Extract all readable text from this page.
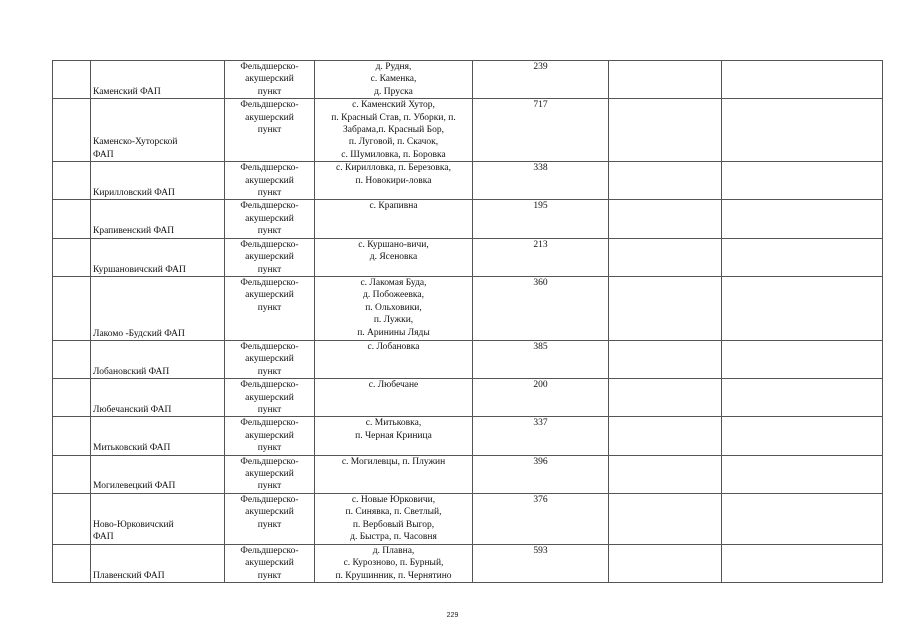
	Каменский ФАП	Фельдшерско-
акушерский
пункт	д. Рудня,
с. Каменка,
д. Пруска	239		

	Каменско-Хуторской
ФАП	Фельдшерско-
акушерский
пункт	с. Каменский Хутор,
п. Красный Став, п. Уборки, п.
Забрама,п. Красный Бор,
п. Луговой, п. Скачок,
с. Шумиловка, п. Боровка	717		
	Кирилловский ФАП	Фельдшерско-
акушерский
пункт	с. Кирилловка, п. Березовка,
п. Новокири-ловка	338		
	Крапивенский ФАП	Фельдшерско-
акушерский
пункт	с. Крапивна	195		
	Куршановичский ФАП	Фельдшерско-
акушерский
пункт	с. Куршано-вичи,
д. Ясеновка	213		
	Лакомо -Будский ФАП	Фельдшерско-
акушерский
пункт	с. Лакомая Буда,
д. Побожеевка,
п. Ольховики,
п. Лужки,
п. Аринины Ляды	360		
	Лобановский ФАП	Фельдшерско-
акушерский
пункт	с. Лобановка	385		
	Любечанский ФАП	Фельдшерско-
акушерский
пункт	с. Любечане	200		
	Митьковский ФАП	Фельдшерско-
акушерский
пункт	с. Митьковка,
п. Черная Криница	337		
	Могилевецкий ФАП	Фельдшерско-
акушерский
пункт	с. Могилевцы, п. Плужин	396		

	Ново-Юрковичский
ФАП	Фельдшерско-
акушерский
пункт	с. Новые Юрковичи,
п. Синявка, п. Светлый,
п. Вербовый Выгор,
д. Быстра, п. Часовня	376		
	Плавенский ФАП	Фельдшерско-
акушерский
пункт	д. Плавна,
с. Курозново, п. Бурный,
п. Крушинник, п. Чернятино	593		
229
